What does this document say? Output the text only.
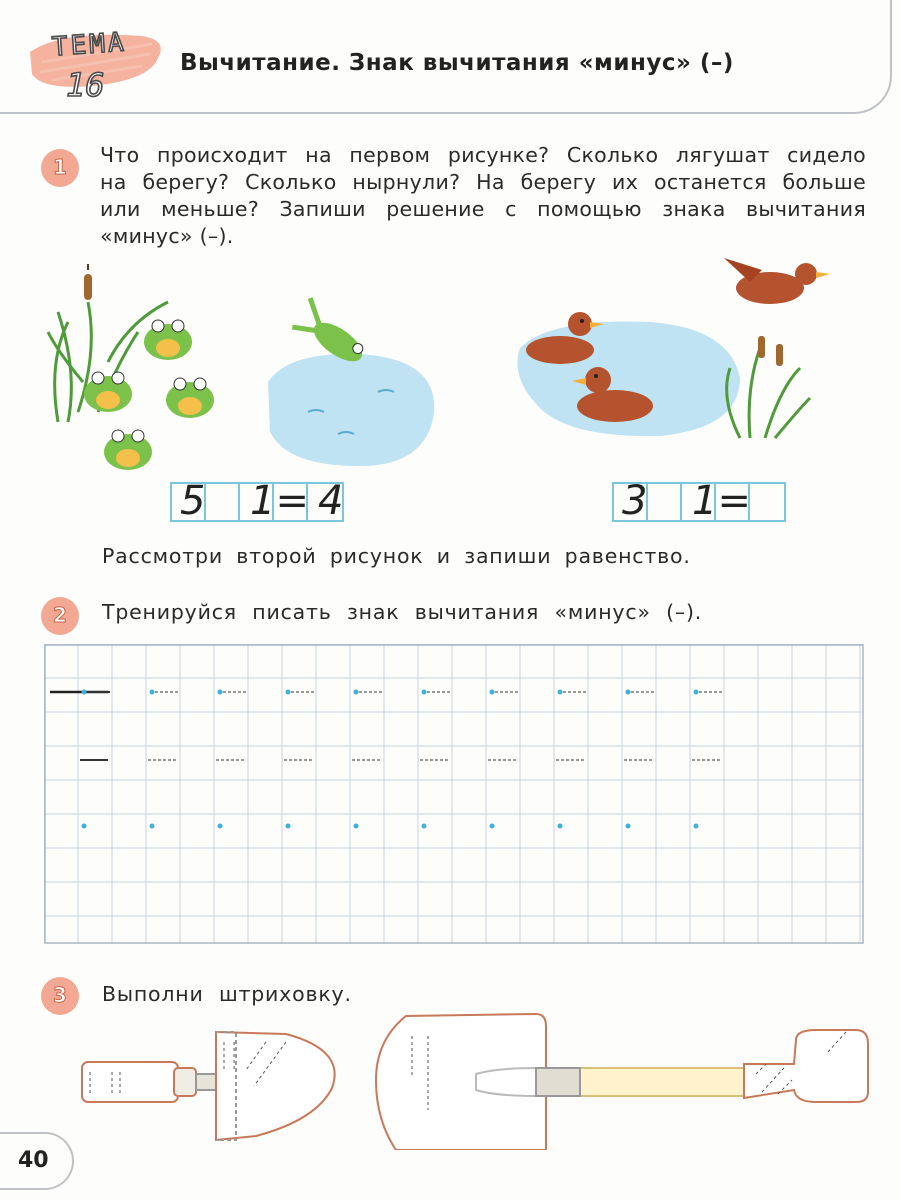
ТЕМА
16
Вычитание. Знак вычитания «минус» (–)
1	Что происходит на первом рисунке? Сколько лягушат сидело
на берегу? Сколько нырнули? На берегу их останется больше
или меньше? Запиши решение с помощью знака вычитания
«минус» (–).
5 1= 4	3 1=
Рассмотри второй рисунок и запиши равенство.
2	Тренируйся писать знак вычитания «минус» (–).
3	Выполни штриховку.
40
